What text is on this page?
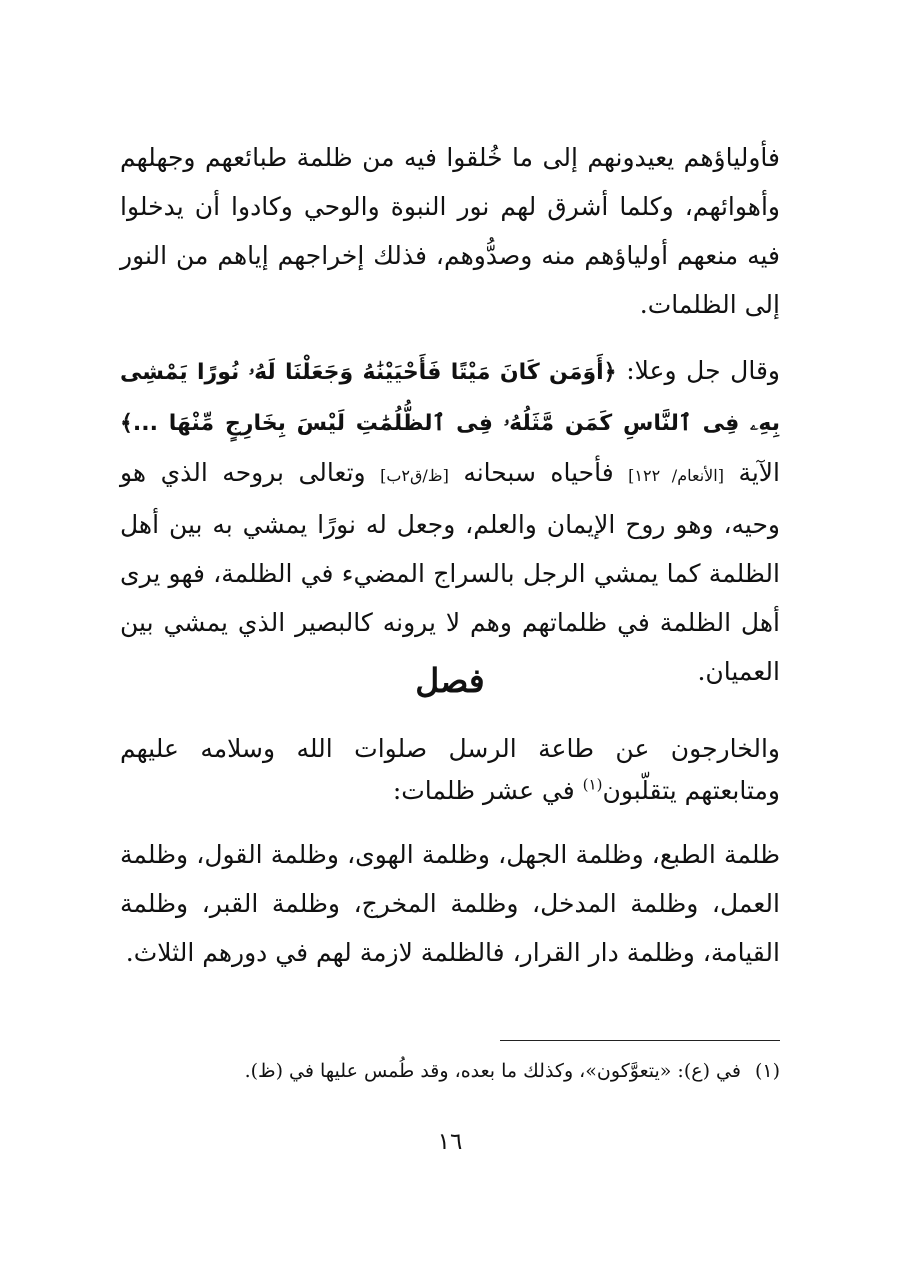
فأولياؤهم يعيدونهم إلى ما خُلقوا فيه من ظلمة طبائعهم وجهلهم وأهوائهم، وكلما أشرق لهم نور النبوة والوحي وكادوا أن يدخلوا فيه منعهم أولياؤهم منه وصدُّوهم، فذلك إخراجهم إياهم من النور إلى الظلمات.

وقال جل وعلا: ﴿أَوَمَن كَانَ مَيْتًا فَأَحْيَيْنَٰهُ وَجَعَلْنَا لَهُۥ نُورًا يَمْشِى بِهِۦ فِى ٱلنَّاسِ كَمَن مَّثَلُهُۥ فِى ٱلظُّلُمَٰتِ لَيْسَ بِخَارِجٍ مِّنْهَا ...﴾ الآية [الأنعام/ ١٢٢] فأحياه سبحانه [ظ/ق٢ب] وتعالى بروحه الذي هو وحيه، وهو روح الإيمان والعلم، وجعل له نورًا يمشي به بين أهل الظلمة كما يمشي الرجل بالسراج المضيء في الظلمة، فهو يرى أهل الظلمة في ظلماتهم وهم لا يرونه كالبصير الذي يمشي بين العميان.

فصل

والخارجون عن طاعة الرسل صلوات الله وسلامه عليهم ومتابعتهم يتقلّبون$^{(١)}$ في عشر ظلمات:

ظلمة الطبع، وظلمة الجهل، وظلمة الهوى، وظلمة القول، وظلمة العمل، وظلمة المدخل، وظلمة المخرج، وظلمة القبر، وظلمة القيامة، وظلمة دار القرار، فالظلمة لازمة لهم في دورهم الثلاث.

(١)في (ع): «يتعوَّكون»، وكذلك ما بعده، وقد طُمس عليها في (ظ).

١٦
